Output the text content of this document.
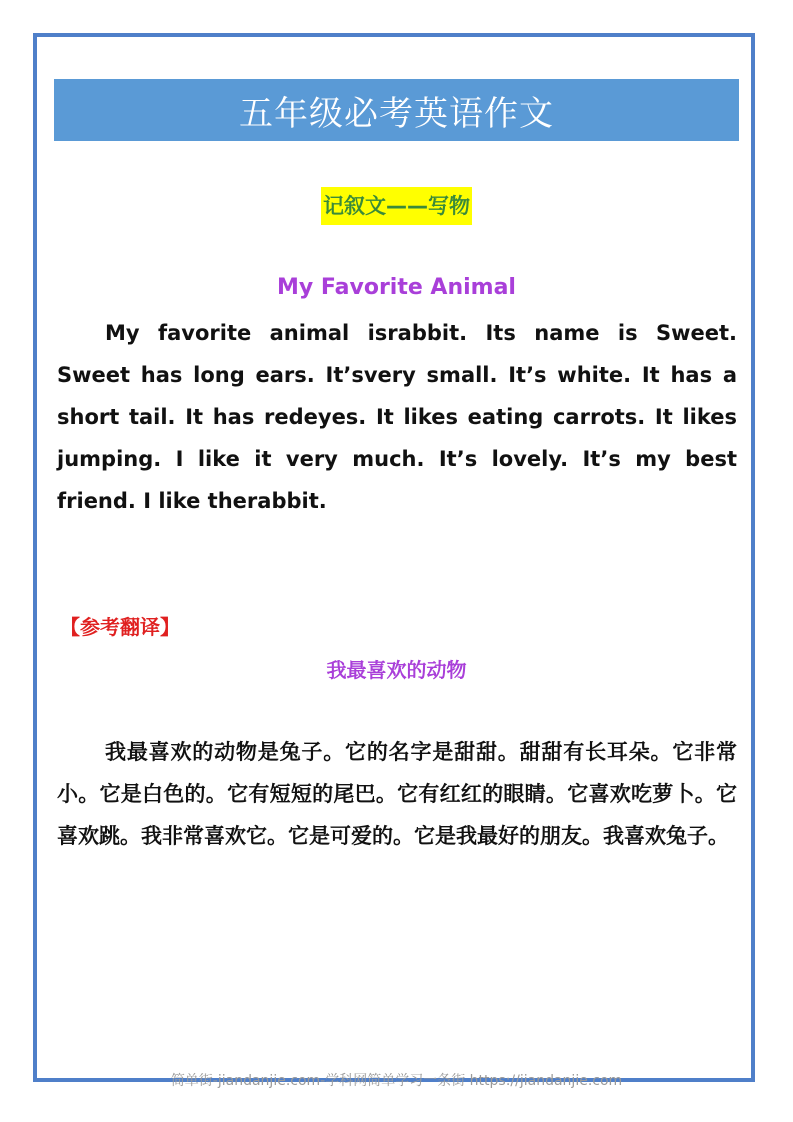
五年级必考英语作文
记叙文——写物
My Favorite Animal

My favorite animal israbbit. Its name is Sweet. Sweet has long ears. It’svery small. It’s white. It has a short tail. It has redeyes. It likes eating carrots. It likes jumping. I like it very much. It’s lovely. It’s my best friend. I like therabbit.

【参考翻译】
我最喜欢的动物

我最喜欢的动物是兔子。它的名字是甜甜。甜甜有长耳朵。它非常小。它是白色的。它有短短的尾巴。它有红红的眼睛。它喜欢吃萝卜。它喜欢跳。我非常喜欢它。它是可爱的。它是我最好的朋友。我喜欢兔子。

简单街-jiandanjie.com-学科网简单学习一条街 https://jiandanjie.com
